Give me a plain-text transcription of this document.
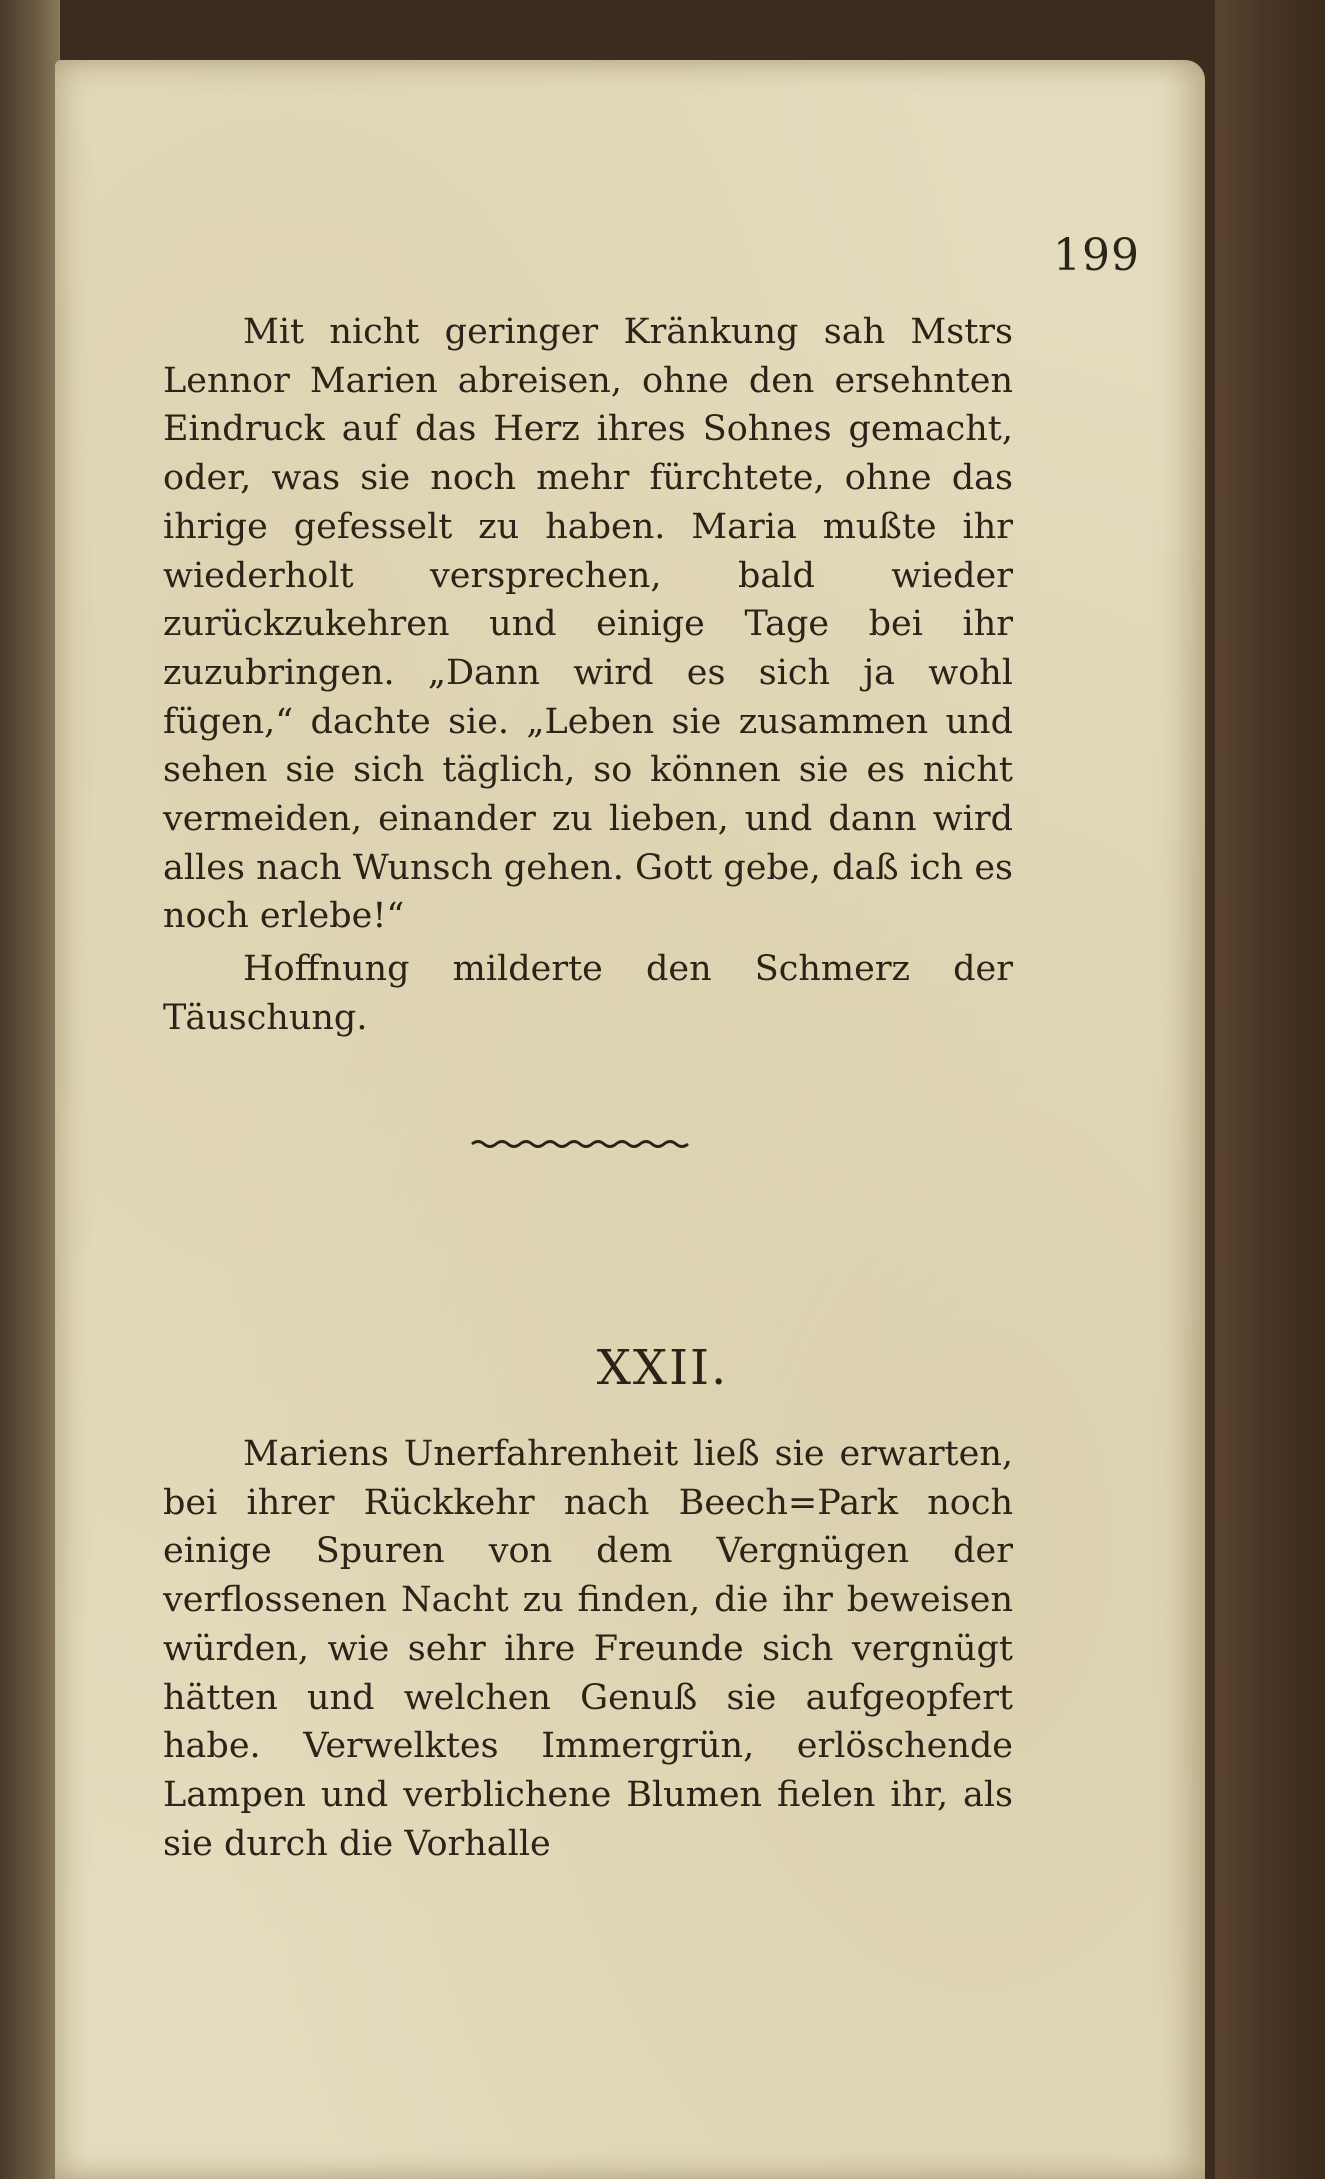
199

Mit nicht geringer Kränkung sah Mstrs Lennor Marien abreisen, ohne den ersehnten Eindruck auf das Herz ihres Sohnes gemacht, oder, was sie noch mehr fürchtete, ohne das ihrige gefesselt zu haben. Maria mußte ihr wiederholt versprechen, bald wieder zurückzukehren und einige Tage bei ihr zuzubringen. „Dann wird es sich ja wohl fügen,“ dachte sie. „Leben sie zusammen und sehen sie sich täglich, so können sie es nicht vermeiden, einander zu lieben, und dann wird alles nach Wunsch gehen. Gott gebe, daß ich es noch erlebe!“

Hoffnung milderte den Schmerz der Täuschung.

XXII.

Mariens Unerfahrenheit ließ sie erwarten, bei ihrer Rückkehr nach Beech=Park noch einige Spuren von dem Vergnügen der verflossenen Nacht zu finden, die ihr beweisen würden, wie sehr ihre Freunde sich vergnügt hätten und welchen Genuß sie aufgeopfert habe. Verwelktes Immergrün, erlöschende Lampen und verblichene Blumen fielen ihr, als sie durch die Vorhalle
